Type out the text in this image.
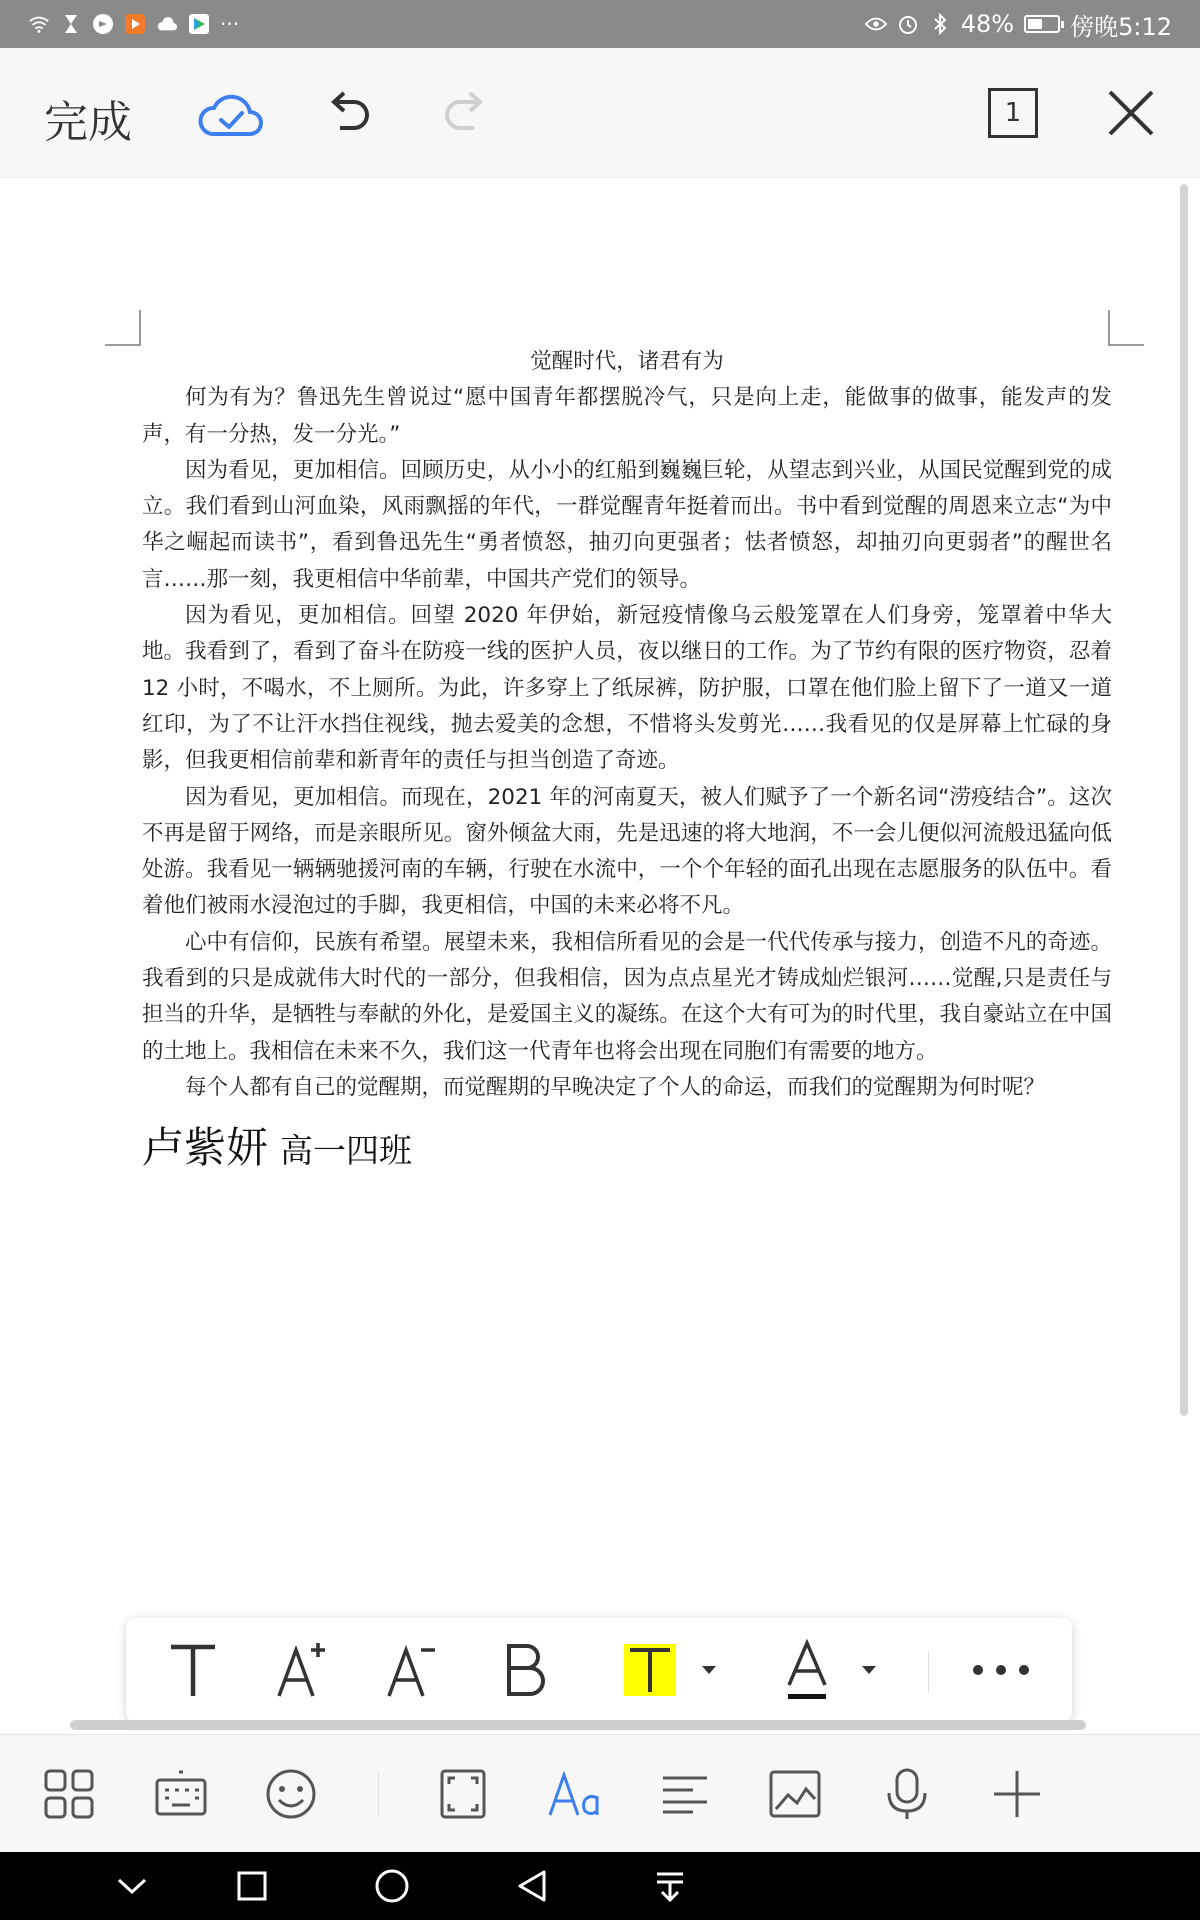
···	48% 傍晚5:12
完成	1
觉醒时代，诸君有为
何为有为？鲁迅先生曾说过“愿中国青年都摆脱冷气，只是向上走，能做事的做事，能发声的发声，有一分热，发一分光。”
因为看见，更加相信。回顾历史，从小小的红船到巍巍巨轮，从望志到兴业，从国民觉醒到党的成立。我们看到山河血染，风雨飘摇的年代，一群觉醒青年挺着而出。书中看到觉醒的周恩来立志“为中华之崛起而读书”，看到鲁迅先生“勇者愤怒，抽刃向更强者；怯者愤怒，却抽刃向更弱者”的醒世名言……那一刻，我更相信中华前辈，中国共产党们的领导。
因为看见，更加相信。回望 2020 年伊始，新冠疫情像乌云般笼罩在人们身旁，笼罩着中华大地。我看到了，看到了奋斗在防疫一线的医护人员，夜以继日的工作。为了节约有限的医疗物资，忍着 12 小时，不喝水，不上厕所。为此，许多穿上了纸尿裤，防护服，口罩在他们脸上留下了一道又一道红印，为了不让汗水挡住视线，抛去爱美的念想，不惜将头发剪光……我看见的仅是屏幕上忙碌的身影，但我更相信前辈和新青年的责任与担当创造了奇迹。
因为看见，更加相信。而现在，2021 年的河南夏天，被人们赋予了一个新名词“涝疫结合”。这次不再是留于网络，而是亲眼所见。窗外倾盆大雨，先是迅速的将大地润，不一会儿便似河流般迅猛向低处游。我看见一辆辆驰援河南的车辆，行驶在水流中，一个个年轻的面孔出现在志愿服务的队伍中。看着他们被雨水浸泡过的手脚，我更相信，中国的未来必将不凡。
心中有信仰，民族有希望。展望未来，我相信所看见的会是一代代传承与接力，创造不凡的奇迹。我看到的只是成就伟大时代的一部分，但我相信，因为点点星光才铸成灿烂银河……觉醒,只是责任与担当的升华，是牺牲与奉献的外化，是爱国主义的凝练。在这个大有可为的时代里，我自豪站立在中国的土地上。我相信在未来不久，我们这一代青年也将会出现在同胞们有需要的地方。
每个人都有自己的觉醒期，而觉醒期的早晚决定了个人的命运，而我们的觉醒期为何时呢？
卢紫妍 高一四班
